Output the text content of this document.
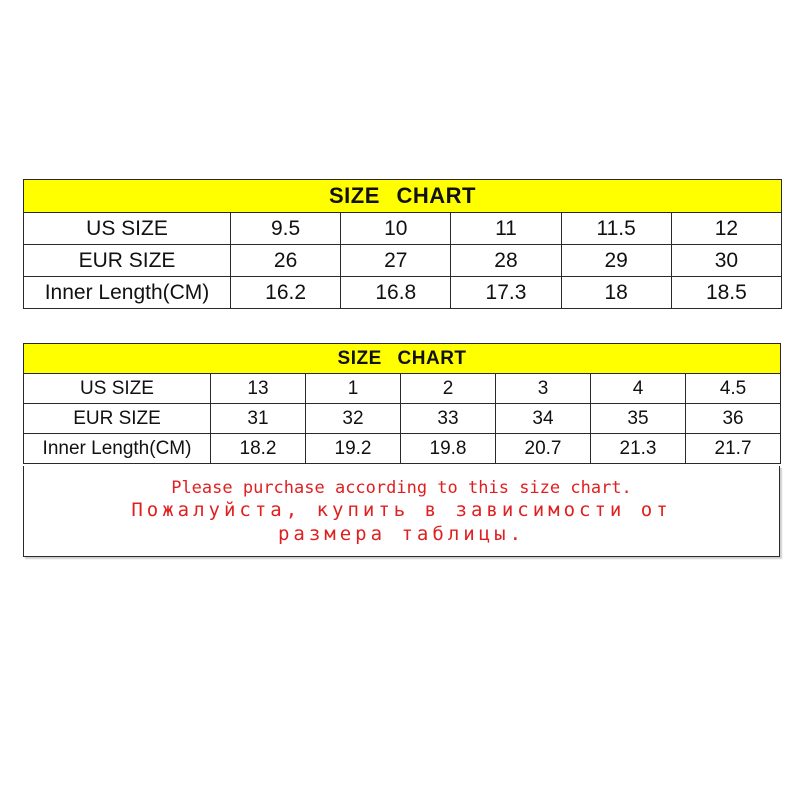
SIZE CHART					
US SIZE	9.5	10	11	11.5	12
EUR SIZE	26	27	28	29	30
Inner Length(CM)	16.2	16.8	17.3	18	18.5
SIZE CHART						
US SIZE	13	1	2	3	4	4.5
EUR SIZE	31	32	33	34	35	36
Inner Length(CM)	18.2	19.2	19.8	20.7	21.3	21.7
Please purchase according to this size chart.
Пожалуйста, купить в зависимости от
размера таблицы.
